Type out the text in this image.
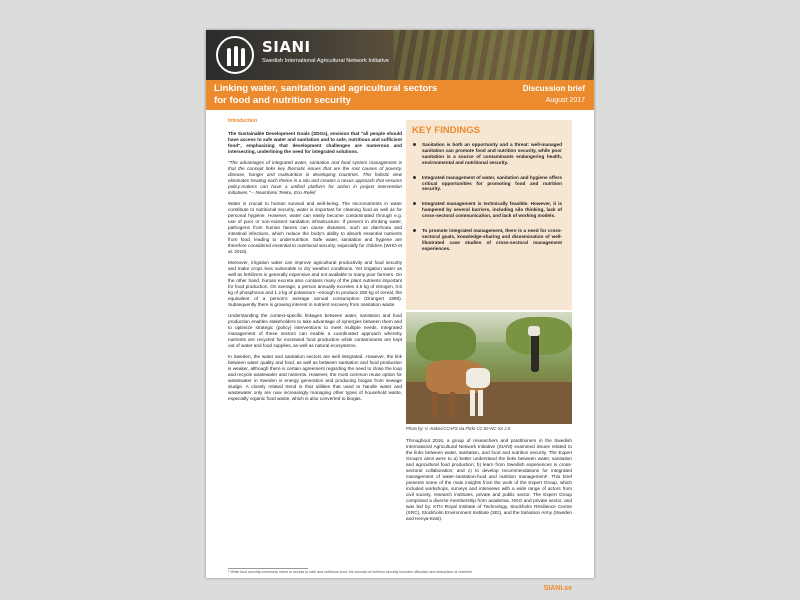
SIANI
Swedish International Agricultural Network Initiative
Linking water, sanitation and agricultural sectors for food and nutrition security
Discussion brief
August 2017
Introduction

The Sustainable Development Goals (SDGs), envision that "all people should have access to safe water and sanitation and to safe, nutritious and sufficient food", emphasizing that development challenges are numerous and intersecting, underlining the need for integrated solutions.

"The advantages of integrated water, sanitation and food system management is that the concept links key thematic issues that are the root causes of poverty, disease, hunger and malnutrition in developing countries. This holistic view eliminates treating each theme in a silo and creates a nexus approach that ensures policy-makers can have a unified platform for action in project intervention initiatives." – Noumbissi Tenku, Eco-Relief

Water is crucial to human survival and well-being. The micronutrients in water contribute to nutritional security, water is important for cleaning food as well as for personal hygiene. However, water can easily become contaminated through e.g. use of poor or non-existent sanitation infrastructure. If present in drinking water, pathogens from human faeces can cause diseases, such as diarrhoea and intestinal infections, which reduce the body's ability to absorb essential nutrients from food, leading to undernutrition. Safe water, sanitation and hygiene are therefore considered essential to nutritional security, especially for children (WHO et al. 2015).

Moreover, irrigation water can improve agricultural productivity and food security and make crops less vulnerable to dry weather conditions. Yet irrigation water as well as fertilizers is generally expensive and not available to many poor farmers. On the other hand, human excreta also contains many of the plant nutrients important for food production. On average, a person annually excretes 4.5 kg of nitrogen, 0.6 kg of phosphorus and 1.2 kg of potassium –enough to produce 250 kg of cereal, the equivalent of a person's average annual consumption (Drangert 1998). Subsequently there is growing interest in nutrient recovery from sanitation waste.

Understanding the context-specific linkages between water, sanitation and food production enables stakeholders to take advantage of synergies between them and to optimize strategic (policy) interventions to meet multiple needs. Integrated management of these sectors can enable a coordinated approach whereby nutrients are recycled for increased food production while contaminants are kept out of water and food supplies, as well as natural ecosystems.

In Sweden, the water and sanitation sectors are well integrated. However, the link between water quality and food, as well as between sanitation and food production is weaker, although there is certain agreement regarding the need to close the loop and recycle wastewater and nutrients. However, the most common reuse option for wastewater in Sweden is energy generation and producing biogas from sewage sludge. A closely related trend is that utilities that used to handle water and wastewater only are now increasingly managing other types of household waste, especially organic food waste, which is also converted to biogas.

KEY FINDINGS
Sanitation is both an opportunity and a threat: well-managed sanitation can promote food and nutrition security, while poor sanitation is a source of contaminants endangering health, environmental and nutritional security.
Integrated management of water, sanitation and hygiene offers critical opportunities for promoting food and nutrition security.
Integrated management is technically feasible. However, it is hampered by several barriers, including silo thinking, lack of cross-sectoral communication, and lack of working models.
To promote integrated management, there is a need for cross-sectoral goals, knowledge-sharing and dissemination of well-illustrated case studies of cross-sectoral management experiences.
Photo by: V. Atakos/CCAFS via Flickr CC BY-NC-SA 2.0

Throughout 2016, a group of researchers and practitioners in the Swedish International Agricultural Network Initiative (SIANI) examined issues related to the links between water, sanitation, and food and nutrition security. The Expert Group's aims were to a) better understand the links between water, sanitation and agricultural food production; b) learn from Swedish experiences in cross-sectoral collaboration; and c) to develop recommendations for integrated management of water-sanitation-food and nutrition management¹. This brief presents some of the main insights from the work of the Expert Group, which included workshops, surveys and interviews with a wide range of actors from civil society, research institutes, private and public sector. The Expert Group comprised a diverse membership from academia, NGO and private sector, and was led by: KTH Royal Institute of Technology, Stockholm Resilience Centre (SRC), Stockholm Environment Institute (SEI), and the Salvation Army (Sweden and Kenya-East).

¹ While food security commonly refers to access to safe and nutritious food, the concept of nutrition security includes utilization and absorption of nutrients.
SIANI.se
